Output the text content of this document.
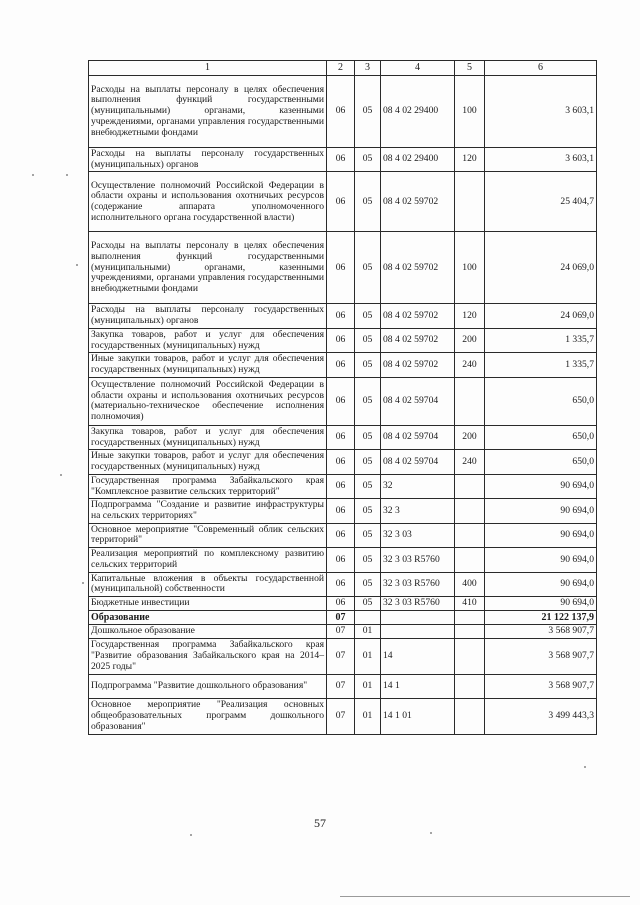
1	2	3	4	5	6
Расходы на выплаты персоналу в целях обеспечения выполнения функций государственными (муниципальными) органами, казенными учреждениями, органами управления государственными внебюджетными фондами	06	05	08 4 02 29400	100	3 603,1
Расходы на выплаты персоналу государственных (муниципальных) органов	06	05	08 4 02 29400	120	3 603,1
Осуществление полномочий Российской Федерации в области охраны и использования охотничьих ресурсов (содержание аппарата уполномоченного исполнительного органа государственной власти)	06	05	08 4 02 59702		25 404,7
Расходы на выплаты персоналу в целях обеспечения выполнения функций государственными (муниципальными) органами, казенными учреждениями, органами управления государственными внебюджетными фондами	06	05	08 4 02 59702	100	24 069,0
Расходы на выплаты персоналу государственных (муниципальных) органов	06	05	08 4 02 59702	120	24 069,0
Закупка товаров, работ и услуг для обеспечения государственных (муниципальных) нужд	06	05	08 4 02 59702	200	1 335,7
Иные закупки товаров, работ и услуг для обеспечения государственных (муниципальных) нужд	06	05	08 4 02 59702	240	1 335,7
Осуществление полномочий Российской Федерации в области охраны и использования охотничьих ресурсов (материально-техническое обеспечение исполнения полномочия)	06	05	08 4 02 59704		650,0
Закупка товаров, работ и услуг для обеспечения государственных (муниципальных) нужд	06	05	08 4 02 59704	200	650,0
Иные закупки товаров, работ и услуг для обеспечения государственных (муниципальных) нужд	06	05	08 4 02 59704	240	650,0
Государственная программа Забайкальского края "Комплексное развитие сельских территорий"	06	05	32		90 694,0
Подпрограмма "Создание и развитие инфраструктуры на сельских территориях"	06	05	32 3		90 694,0
Основное мероприятие "Современный облик сельских территорий"	06	05	32 3 03		90 694,0
Реализация мероприятий по комплексному развитию сельских территорий	06	05	32 3 03 R5760		90 694,0
Капитальные вложения в объекты государственной (муниципальной) собственности	06	05	32 3 03 R5760	400	90 694,0
Бюджетные инвестиции	06	05	32 3 03 R5760	410	90 694,0
Образование	07				21 122 137,9
Дошкольное образование	07	01			3 568 907,7
Государственная программа Забайкальского края "Развитие образования Забайкальского края на 2014–2025 годы"	07	01	14		3 568 907,7
Подпрограмма "Развитие дошкольного образования"	07	01	14 1		3 568 907,7
Основное мероприятие "Реализация основных общеобразовательных программ дошкольного образования"	07	01	14 1 01		3 499 443,3
57
